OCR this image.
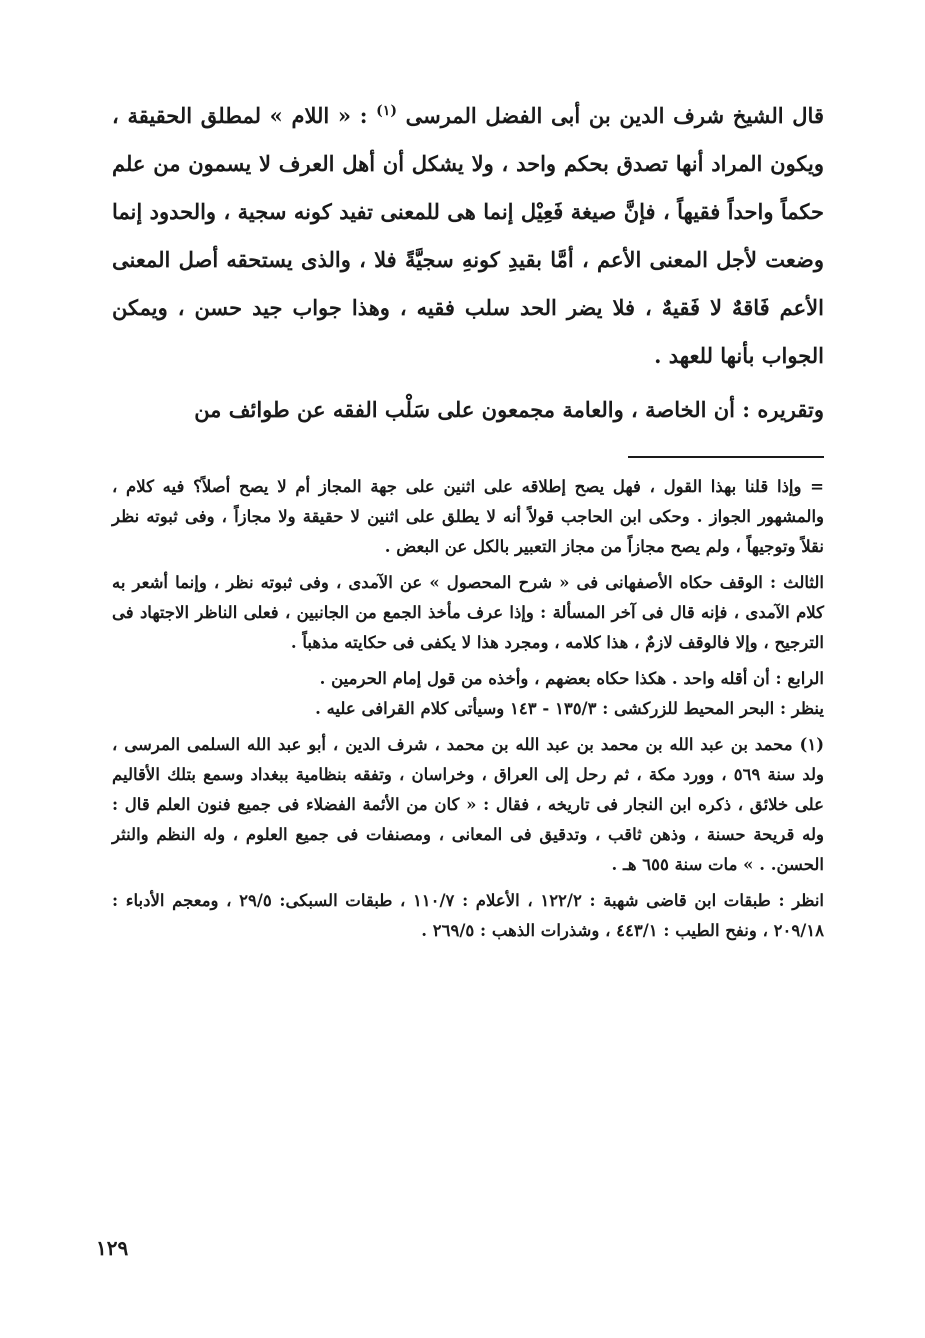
قال الشيخ شرف الدين بن أبى الفضل المرسى $^{(١)}$ : « اللام » لمطلق الحقيقة ، ويكون المراد أنها تصدق بحكم واحد ، ولا يشكل أن أهل العرف لا يسمون من علم حكماً واحداً فقيهاً ، فإنَّ صيغة فَعِيْل إنما هى للمعنى تفيد كونه سجية ، والحدود إنما وضعت لأجل المعنى الأعم ، أمَّا بقيدِ كونهِ سجيَّةً فلا ، والذى يستحقه أصل المعنى الأعم فَاقهٌ لا فَقيهٌ ، فلا يضر الحد سلب فقيه ، وهذا جواب جيد حسن ، ويمكن الجواب بأنها للعهد .

وتقريره : أن الخاصة ، والعامة مجمعون على سَلْب الفقه عن طوائف من

= وإذا قلنا بهذا القول ، فهل يصح إطلاقه على اثنين على جهة المجاز أم لا يصح أصلاً؟ فيه كلام ، والمشهور الجواز . وحكى ابن الحاجب قولاً أنه لا يطلق على اثنين لا حقيقة ولا مجازاً ، وفى ثبوته نظر نقلاً وتوجيهاً ، ولم يصح مجازاً من مجاز التعبير بالكل عن البعض .

الثالث : الوقف حكاه الأصفهانى فى « شرح المحصول » عن الآمدى ، وفى ثبوته نظر ، وإنما أشعر به كلام الآمدى ، فإنه قال فى آخر المسألة : وإذا عرف مأخذ الجمع من الجانبين ، فعلى الناظر الاجتهاد فى الترجيح ، وإلا فالوقف لازمٌ ، هذا كلامه ، ومجرد هذا لا يكفى فى حكايته مذهباً .

الرابع : أن أقله واحد . هكذا حكاه بعضهم ، وأخذه من قول إمام الحرمين .

ينظر : البحر المحيط للزركشى : ١٣٥/٣ - ١٤٣ وسيأتى كلام القرافى عليه .

(١) محمد بن عبد الله بن محمد بن عبد الله بن محمد ، شرف الدين ، أبو عبد الله السلمى المرسى ، ولد سنة ٥٦٩ ، وورد مكة ، ثم رحل إلى العراق ، وخراسان ، وتفقه بنظامية ببغداد وسمع بتلك الأقاليم على خلائق ، ذكره ابن النجار فى تاريخه ، فقال : « كان من الأئمة الفضلاء فى جميع فنون العلم قال : وله قريحة حسنة ، وذهن ثاقب ، وتدقيق فى المعانى ، ومصنفات فى جميع العلوم ، وله النظم والنثر الحسن. . » مات سنة ٦٥٥ هـ .

انظر : طبقات ابن قاضى شهبة : ١٢٢/٢ ، الأعلام : ١١٠/٧ ، طبقات السبكى: ٢٩/٥ ، ومعجم الأدباء : ٢٠٩/١٨ ، ونفح الطيب : ٤٤٣/١ ، وشذرات الذهب : ٢٦٩/٥ .

١٢٩
